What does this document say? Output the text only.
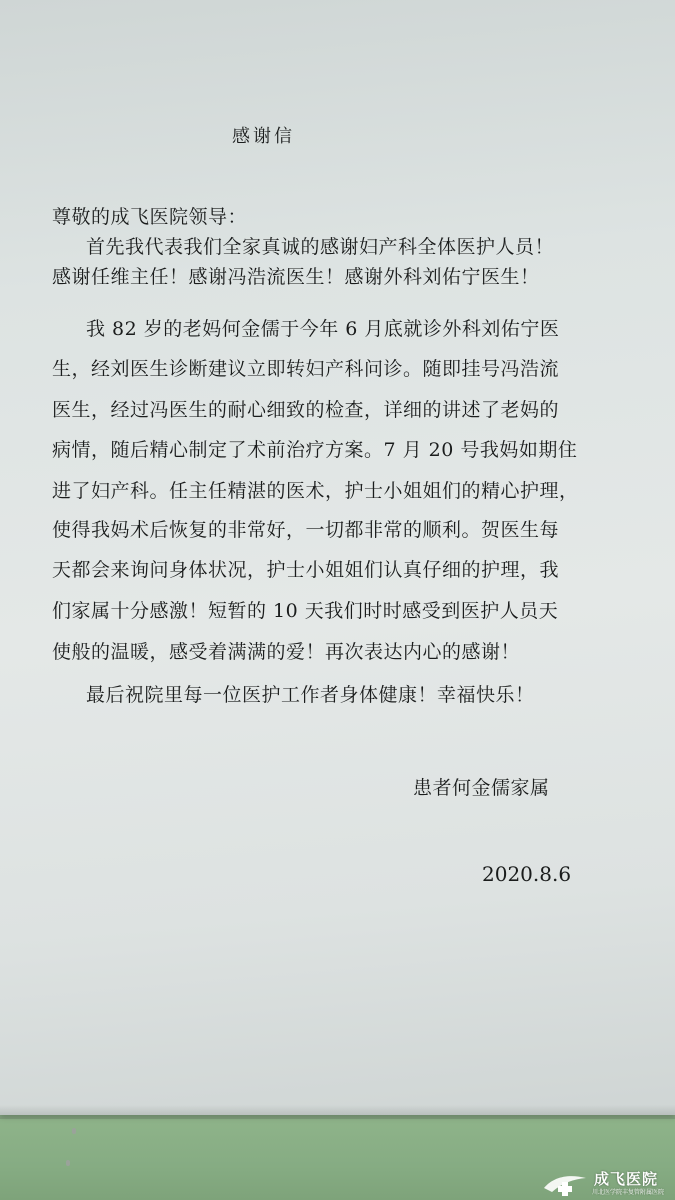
感谢信
尊敬的成飞医院领导：
首先我代表我们全家真诚的感谢妇产科全体医护人员！
感谢任维主任！感谢冯浩流医生！感谢外科刘佑宁医生！
我 82 岁的老妈何金儒于今年 6 月底就诊外科刘佑宁医
生，经刘医生诊断建议立即转妇产科问诊。随即挂号冯浩流
医生，经过冯医生的耐心细致的检查，详细的讲述了老妈的
病情，随后精心制定了术前治疗方案。7 月 20 号我妈如期住
进了妇产科。任主任精湛的医术，护士小姐姐们的精心护理，
使得我妈术后恢复的非常好，一切都非常的顺利。贺医生每
天都会来询问身体状况，护士小姐姐们认真仔细的护理，我
们家属十分感激！短暂的 10 天我们时时感受到医护人员天
使般的温暖，感受着满满的爱！再次表达内心的感谢！
最后祝院里每一位医护工作者身体健康！幸福快乐！
患者何金儒家属
2020.8.6
成飞医院
川北医学院丰复管附属医院
